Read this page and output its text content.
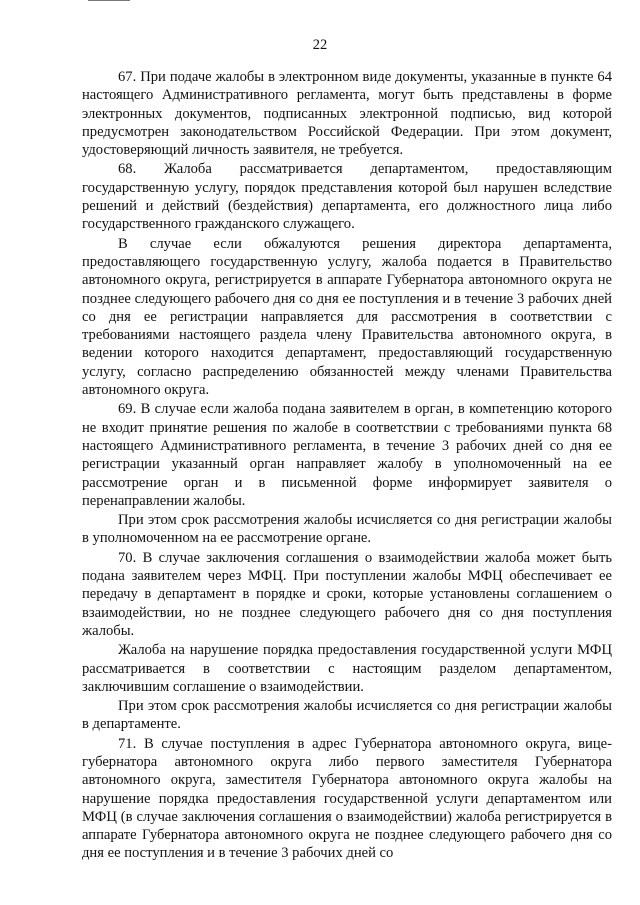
22

67. При подаче жалобы в электронном виде документы, указанные в пункте 64 настоящего Административного регламента, могут быть представлены в форме электронных документов, подписанных электронной подписью, вид которой предусмотрен законодательством Российской Федерации. При этом документ, удостоверяющий личность заявителя, не требуется.

68. Жалоба рассматривается департаментом, предоставляющим государственную услугу, порядок представления которой был нарушен вследствие решений и действий (бездействия) департамента, его должностного лица либо государственного гражданского служащего.

В случае если обжалуются решения директора департамента, предоставляющего государственную услугу, жалоба подается в Правительство автономного округа, регистрируется в аппарате Губернатора автономного округа не позднее следующего рабочего дня со дня ее поступления и в течение 3 рабочих дней со дня ее регистрации направляется для рассмотрения в соответствии с требованиями настоящего раздела члену Правительства автономного округа, в ведении которого находится департамент, предоставляющий государственную услугу, согласно распределению обязанностей между членами Правительства автономного округа.

69. В случае если жалоба подана заявителем в орган, в компетенцию которого не входит принятие решения по жалобе в соответствии с требованиями пункта 68 настоящего Административного регламента, в течение 3 рабочих дней со дня ее регистрации указанный орган направляет жалобу в уполномоченный на ее рассмотрение орган и в письменной форме информирует заявителя о перенаправлении жалобы.

При этом срок рассмотрения жалобы исчисляется со дня регистрации жалобы в уполномоченном на ее рассмотрение органе.

70. В случае заключения соглашения о взаимодействии жалоба может быть подана заявителем через МФЦ. При поступлении жалобы МФЦ обеспечивает ее передачу в департамент в порядке и сроки, которые установлены соглашением о взаимодействии, но не позднее следующего рабочего дня со дня поступления жалобы.

Жалоба на нарушение порядка предоставления государственной услуги МФЦ рассматривается в соответствии с настоящим разделом департаментом, заключившим соглашение о взаимодействии.

При этом срок рассмотрения жалобы исчисляется со дня регистрации жалобы в департаменте.

71. В случае поступления в адрес Губернатора автономного округа, вице-губернатора автономного округа либо первого заместителя Губернатора автономного округа, заместителя Губернатора автономного округа жалобы на нарушение порядка предоставления государственной услуги департаментом или МФЦ (в случае заключения соглашения о взаимодействии) жалоба регистрируется в аппарате Губернатора автономного округа не позднее следующего рабочего дня со дня ее поступления и в течение 3 рабочих дней со
